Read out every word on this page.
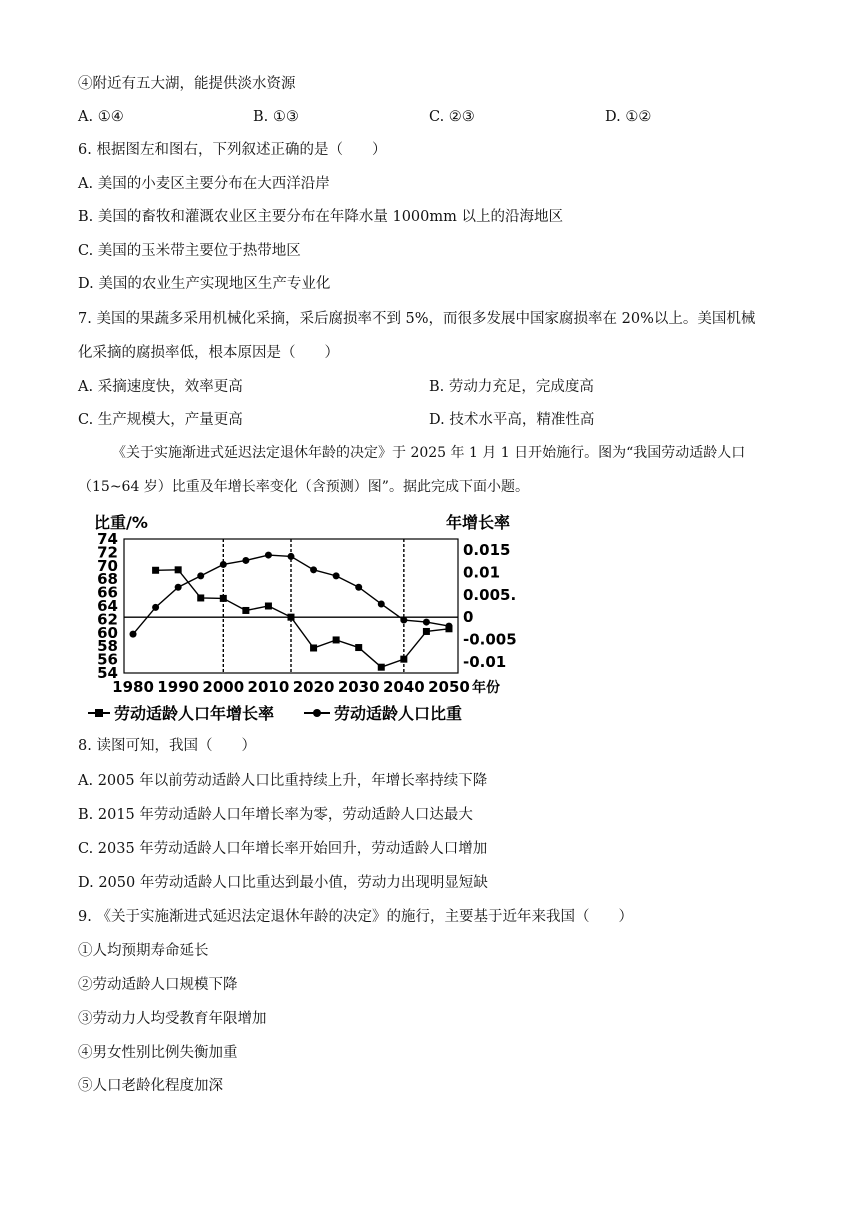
④附近有五大湖，能提供淡水资源
A. ①④	B. ①③	C. ②③	D. ①②
6. 根据图左和图右，下列叙述正确的是（　　）
A. 美国的小麦区主要分布在大西洋沿岸
B. 美国的畜牧和灌溉农业区主要分布在年降水量 1000mm 以上的沿海地区
C. 美国的玉米带主要位于热带地区
D. 美国的农业生产实现地区生产专业化
7. 美国的果蔬多采用机械化采摘，采后腐损率不到 5%，而很多发展中国家腐损率在 20%以上。美国机械
化采摘的腐损率低，根本原因是（　　）
A. 采摘速度快，效率更高	B. 劳动力充足，完成度高
C. 生产规模大，产量更高	D. 技术水平高，精准性高
《关于实施渐进式延迟法定退休年龄的决定》于 2025 年 1 月 1 日开始施行。图为“我国劳动适龄人口
（15~64 岁）比重及年增长率变化（含预测）图”。据此完成下面小题。
比重/%	年增长率
年份
74
72
70
68
66
64
62
60
58
56
54
0.015
0.01
0.005.
0
-0.005
-0.01
1980 1990 2000 2010 2020 2030 2040 2050
劳动适龄人口年增长率	劳动适龄人口比重
8. 读图可知，我国（　　）
A. 2005 年以前劳动适龄人口比重持续上升，年增长率持续下降
B. 2015 年劳动适龄人口年增长率为零，劳动适龄人口达最大
C. 2035 年劳动适龄人口年增长率开始回升，劳动适龄人口增加
D. 2050 年劳动适龄人口比重达到最小值，劳动力出现明显短缺
9. 《关于实施渐进式延迟法定退休年龄的决定》的施行，主要基于近年来我国（　　）
①人均预期寿命延长
②劳动适龄人口规模下降
③劳动力人均受教育年限增加
④男女性别比例失衡加重
⑤人口老龄化程度加深
